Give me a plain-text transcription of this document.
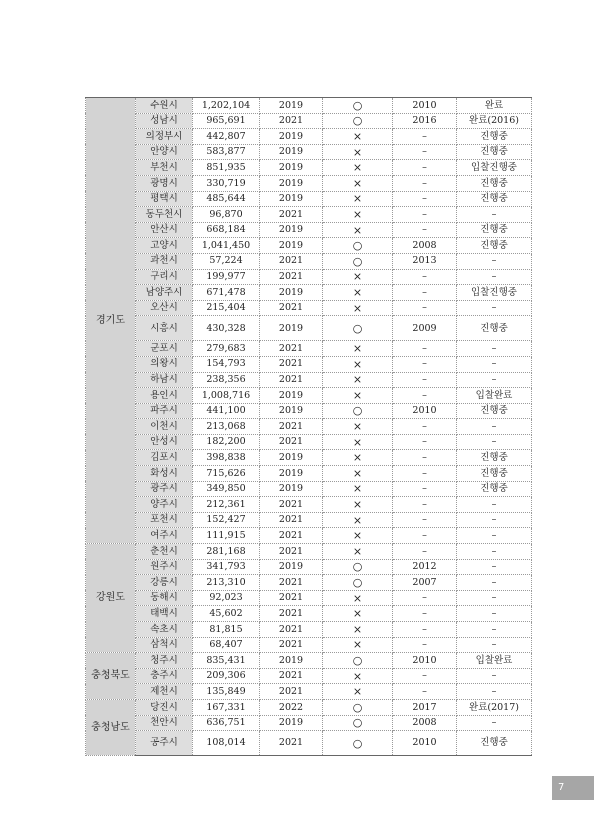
경기도	수원시	1,202,104	2019	○	2010	완료
	성남시	965,691	2021	○	2016	완료(2016)
	의정부시	442,807	2019	×	–	진행중
	안양시	583,877	2019	×	–	진행중
	부천시	851,935	2019	×	–	입찰진행중
	광명시	330,719	2019	×	–	진행중
	평택시	485,644	2019	×	–	진행중
	동두천시	96,870	2021	×	–	–
	안산시	668,184	2019	×	–	진행중
	고양시	1,041,450	2019	○	2008	진행중
	과천시	57,224	2021	○	2013	–
	구리시	199,977	2021	×	–	–
	남양주시	671,478	2019	×	–	입찰진행중
	오산시	215,404	2021	×	–	–
	시흥시	430,328	2019	○	2009	진행중
	군포시	279,683	2021	×	–	–
	의왕시	154,793	2021	×	–	–
	하남시	238,356	2021	×	–	–
	용인시	1,008,716	2019	×	–	입찰완료
	파주시	441,100	2019	○	2010	진행중
	이천시	213,068	2021	×	–	–
	안성시	182,200	2021	×	–	–
	김포시	398,838	2019	×	–	진행중
	화성시	715,626	2019	×	–	진행중
	광주시	349,850	2019	×	–	진행중
	양주시	212,361	2021	×	–	–
	포천시	152,427	2021	×	–	–
	여주시	111,915	2021	×	–	–
강원도	춘천시	281,168	2021	×	–	–
	원주시	341,793	2019	○	2012	–
	강릉시	213,310	2021	○	2007	–
	동해시	92,023	2021	×	–	–
	태백시	45,602	2021	×	–	–
	속초시	81,815	2021	×	–	–
	삼척시	68,407	2021	×	–	–
충청북도	청주시	835,431	2019	○	2010	입찰완료
	충주시	209,306	2021	×	–	–
	제천시	135,849	2021	×	–	–
충청남도	당진시	167,331	2022	○	2017	완료(2017)
	천안시	636,751	2019	○	2008	–
	공주시	108,014	2021	○	2010	진행중
7
